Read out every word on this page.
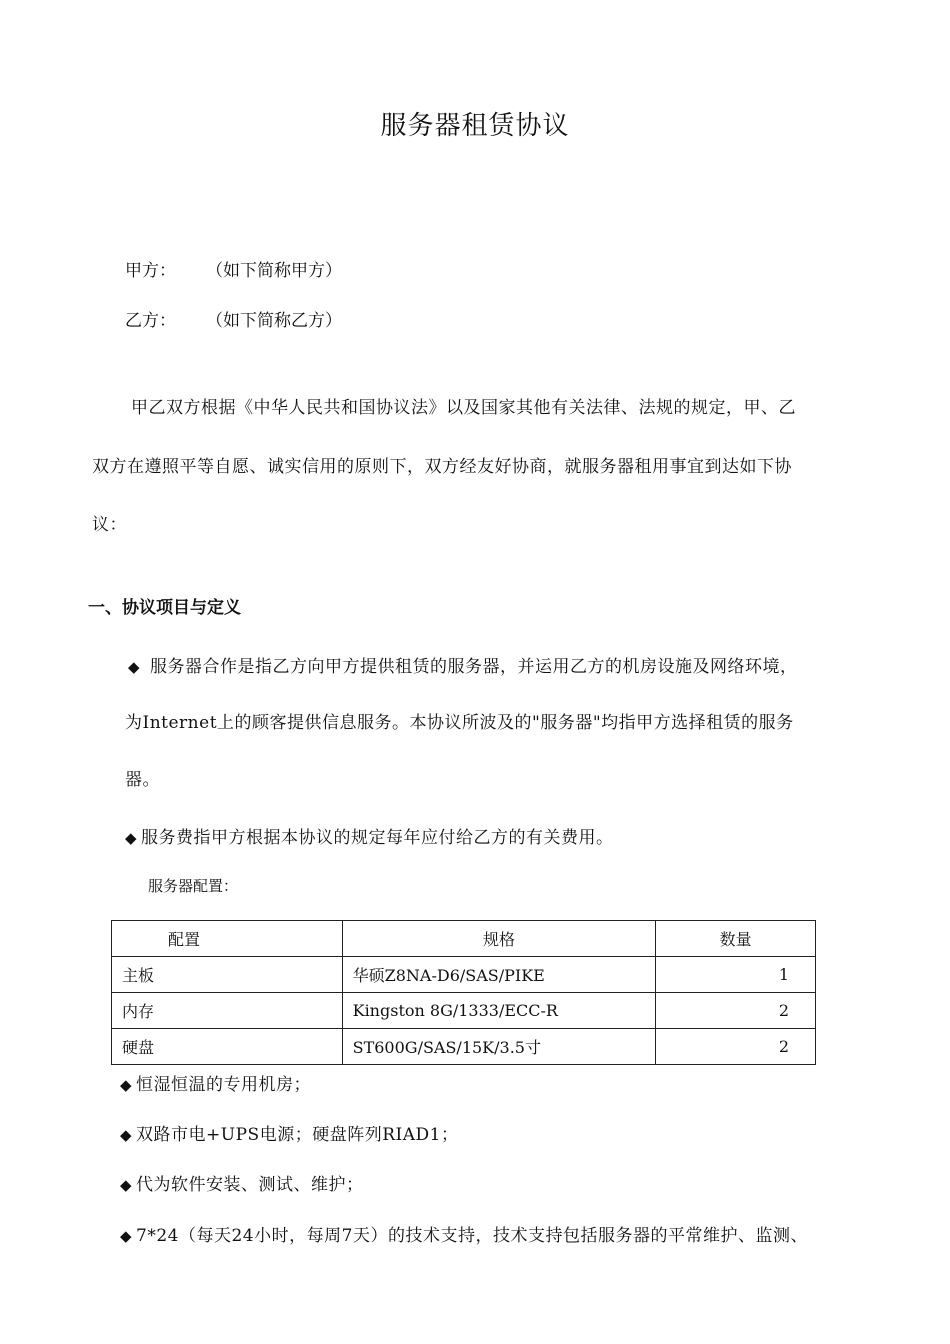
服务器租赁协议
甲方： （如下简称甲方）
乙方： （如下简称乙方）
甲乙双方根据《中华人民共和国协议法》以及国家其他有关法律、法规的规定，甲、乙
双方在遵照平等自愿、诚实信用的原则下，双方经友好协商，就服务器租用事宜到达如下协
议：
一、协议项目与定义
◆ 服务器合作是指乙方向甲方提供租赁的服务器，并运用乙方的机房设施及网络环境，
为Internet上的顾客提供信息服务。本协议所波及的"服务器"均指甲方选择租赁的服务
器。
◆ 服务费指甲方根据本协议的规定每年应付给乙方的有关费用。
服务器配置：
配置	规格	数量
主板	华硕Z8NA-D6/SAS/PIKE	1
内存	Kingston 8G/1333/ECC-R	2
硬盘	ST600G/SAS/15K/3.5寸	2
◆ 恒湿恒温的专用机房；
◆ 双路市电+UPS电源；硬盘阵列RIAD1；
◆ 代为软件安装、测试、维护；
◆ 7*24（每天24小时，每周7天）的技术支持，技术支持包括服务器的平常维护、监测、
